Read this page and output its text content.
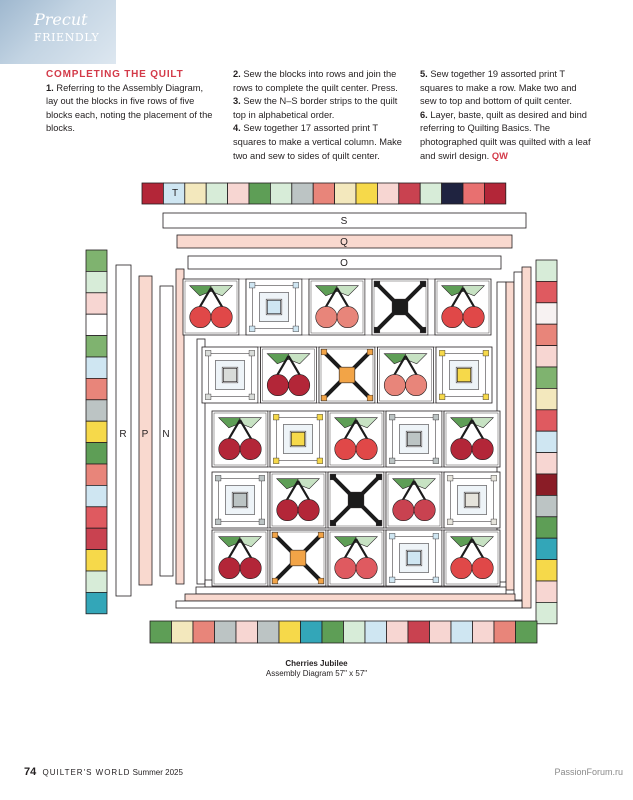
Precut
FRIENDLY
COMPLETING THE QUILT

1. Referring to the Assembly Diagram, lay out the blocks in five rows of five blocks each, noting the placement of the blocks.

2. Sew the blocks into rows and join the rows to complete the quilt center. Press.

3. Sew the N–S border strips to the quilt top in alphabetical order.

4. Sew together 17 assorted print T squares to make a vertical column. Make two and sew to sides of quilt center.

5. Sew together 19 assorted print T squares to make a row. Make two and sew to top and bottom of quilt center.

6. Layer, baste, quilt as desired and bind referring to Quilting Basics. The photographed quilt was quilted with a leaf and swirl design. QW

T
S
Q
O
R P N
Cherries Jubilee
Assembly Diagram 57" x 57"
74 QUILTER'S WORLD Summer 2025	PassionForum.ru
